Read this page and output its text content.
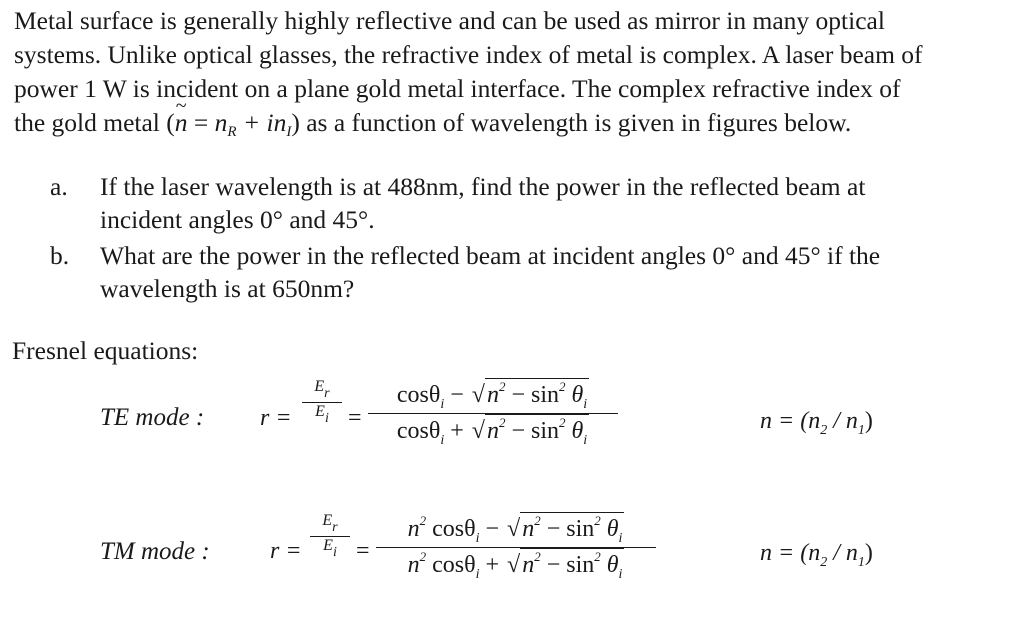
Metal surface is generally highly reflective and can be used as mirror in many optical
systems. Unlike optical glasses, the refractive index of metal is complex. A laser beam of
power 1 W is incident on a plane gold metal interface. The complex refractive index of
the gold metal (~ $n = n_R + in_I$) as a function of wavelength is given in figures below.

a. If the laser wavelength is at 488nm, find the power in the reflected beam at
incident angles 0° and 45°.
b. What are the power in the reflected beam at incident angles 0° and 45° if the
wavelength is at 650nm?
Fresnel equations:
TE mode : r =
Er
Ei =
$\cos\theta_i - √n^2 - \sin^2 \theta_i$
$\cos\theta_i + √n^2 - \sin^2 \theta_i$
$n = (n_2 / n_1)$
TM mode :	r =
Er
Ei =
$n^2$ $\cos\theta_i - √n^2 - \sin^2 \theta_i$
$n^2$ $\cos\theta_i + √n^2 - \sin^2 \theta_i$
$n = (n_2 / n_1)$
